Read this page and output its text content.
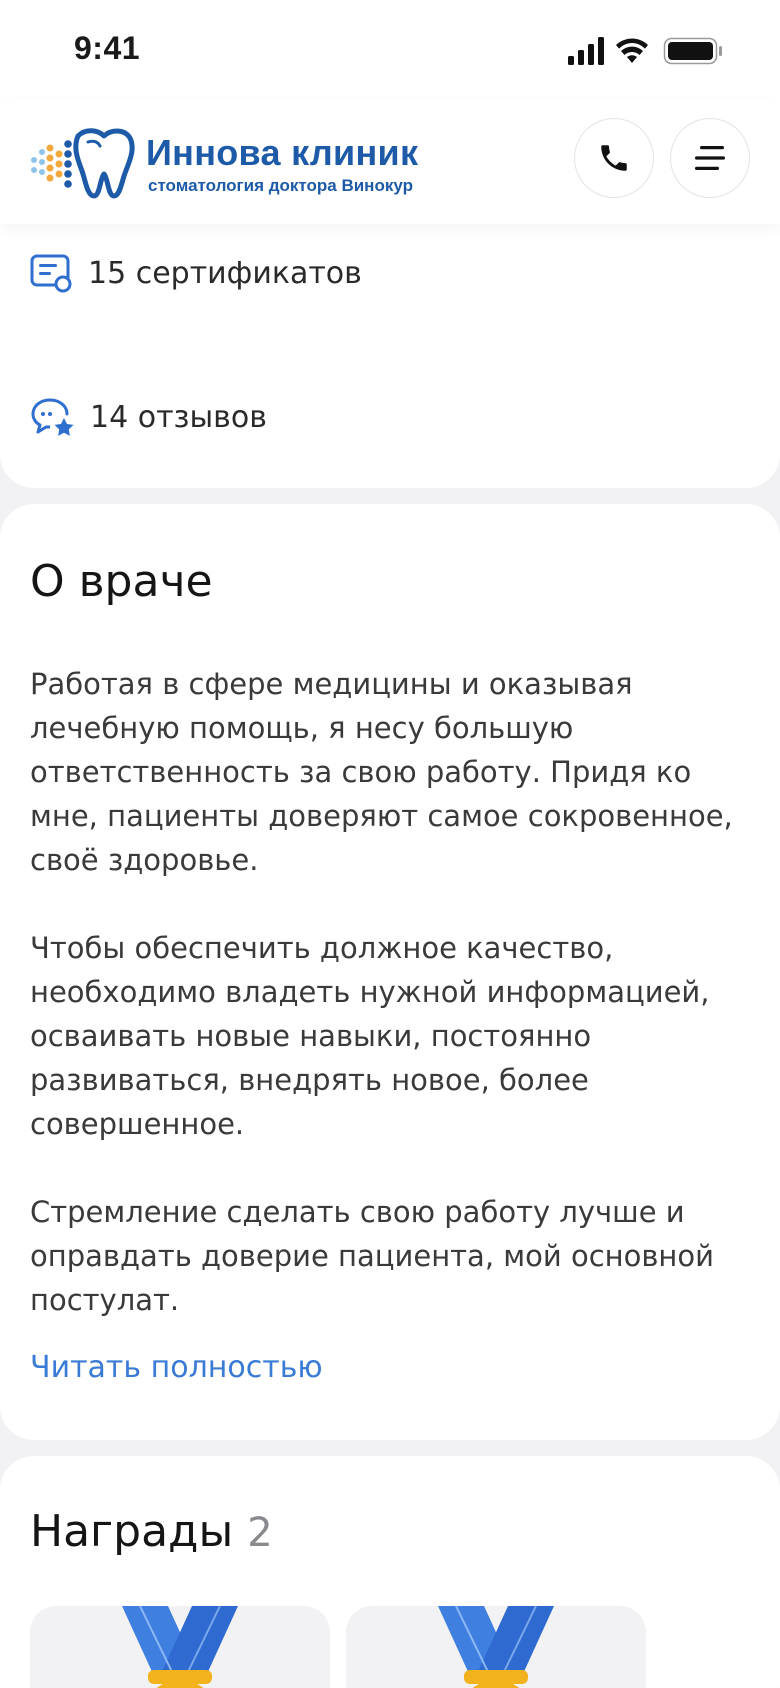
9:41
Иннова клиник
стоматология доктора Винокур
15 сертификатов
14 отзывов
О враче
Работая в сфере медицины и оказывая
лечебную помощь, я несу большую
ответственность за свою работу. Придя ко
мне, пациенты доверяют самое сокровенное,
своё здоровье.
Чтобы обеспечить должное качество,
необходимо владеть нужной информацией,
осваивать новые навыки, постоянно
развиваться, внедрять новое, более
совершенное.
Стремление сделать свою работу лучше и
оправдать доверие пациента, мой основной
постулат.
Читать полностью
Награды 2
